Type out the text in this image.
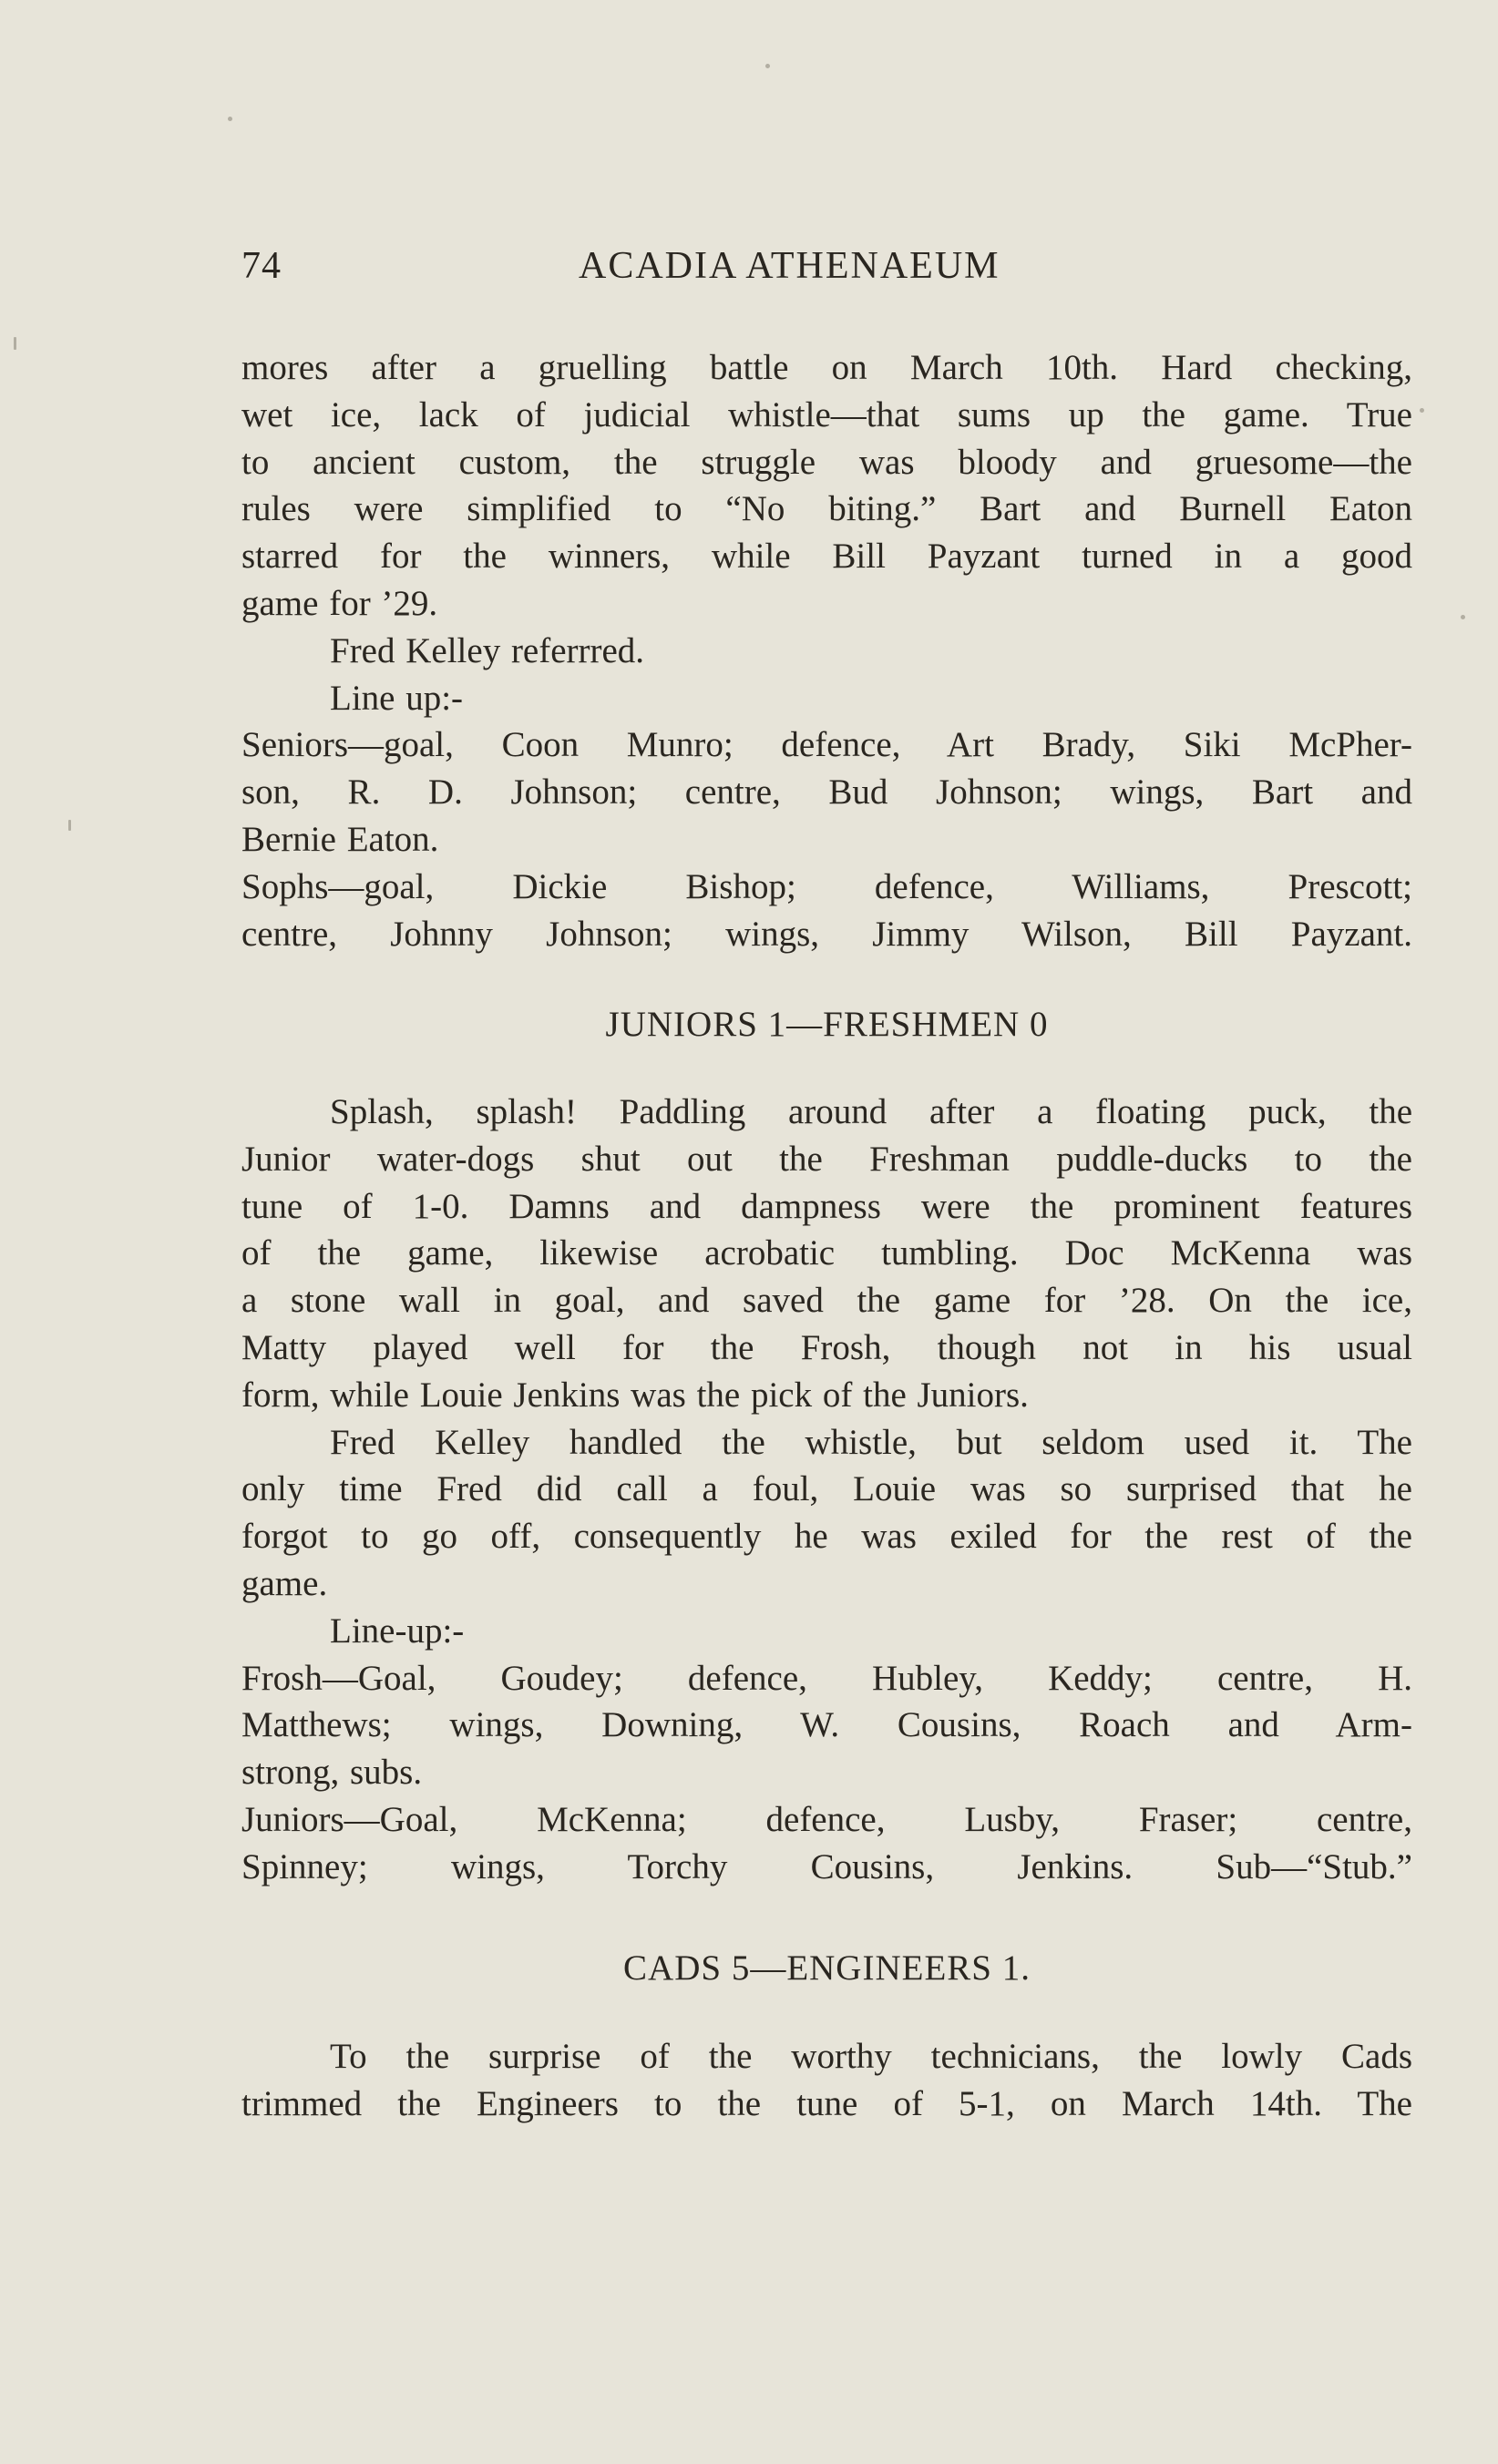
74	ACADIA ATHENAEUM
mores after a gruelling battle on March 10th. Hard checking,
wet ice, lack of judicial whistle—that sums up the game. True
to ancient custom, the struggle was bloody and gruesome—the
rules were simplified to “No biting.” Bart and Burnell Eaton
starred for the winners, while Bill Payzant turned in a good
game for ’29.
Fred Kelley referrred.
Line up:-
Seniors—goal, Coon Munro; defence, Art Brady, Siki McPher-
son, R. D. Johnson; centre, Bud Johnson; wings, Bart and
Bernie Eaton.
Sophs—goal, Dickie Bishop; defence, Williams, Prescott;
centre, Johnny Johnson; wings, Jimmy Wilson, Bill Payzant.
JUNIORS 1—FRESHMEN 0
Splash, splash! Paddling around after a floating puck, the
Junior water-dogs shut out the Freshman puddle-ducks to the
tune of 1-0. Damns and dampness were the prominent features
of the game, likewise acrobatic tumbling. Doc McKenna was
a stone wall in goal, and saved the game for ’28. On the ice,
Matty played well for the Frosh, though not in his usual
form, while Louie Jenkins was the pick of the Juniors.
Fred Kelley handled the whistle, but seldom used it. The
only time Fred did call a foul, Louie was so surprised that he
forgot to go off, consequently he was exiled for the rest of the
game.
Line-up:-
Frosh—Goal, Goudey; defence, Hubley, Keddy; centre, H.
Matthews; wings, Downing, W. Cousins, Roach and Arm-
strong, subs.
Juniors—Goal, McKenna; defence, Lusby, Fraser; centre,
Spinney; wings, Torchy Cousins, Jenkins. Sub—“Stub.”
CADS 5—ENGINEERS 1.
To the surprise of the worthy technicians, the lowly Cads
trimmed the Engineers to the tune of 5-1, on March 14th. The
